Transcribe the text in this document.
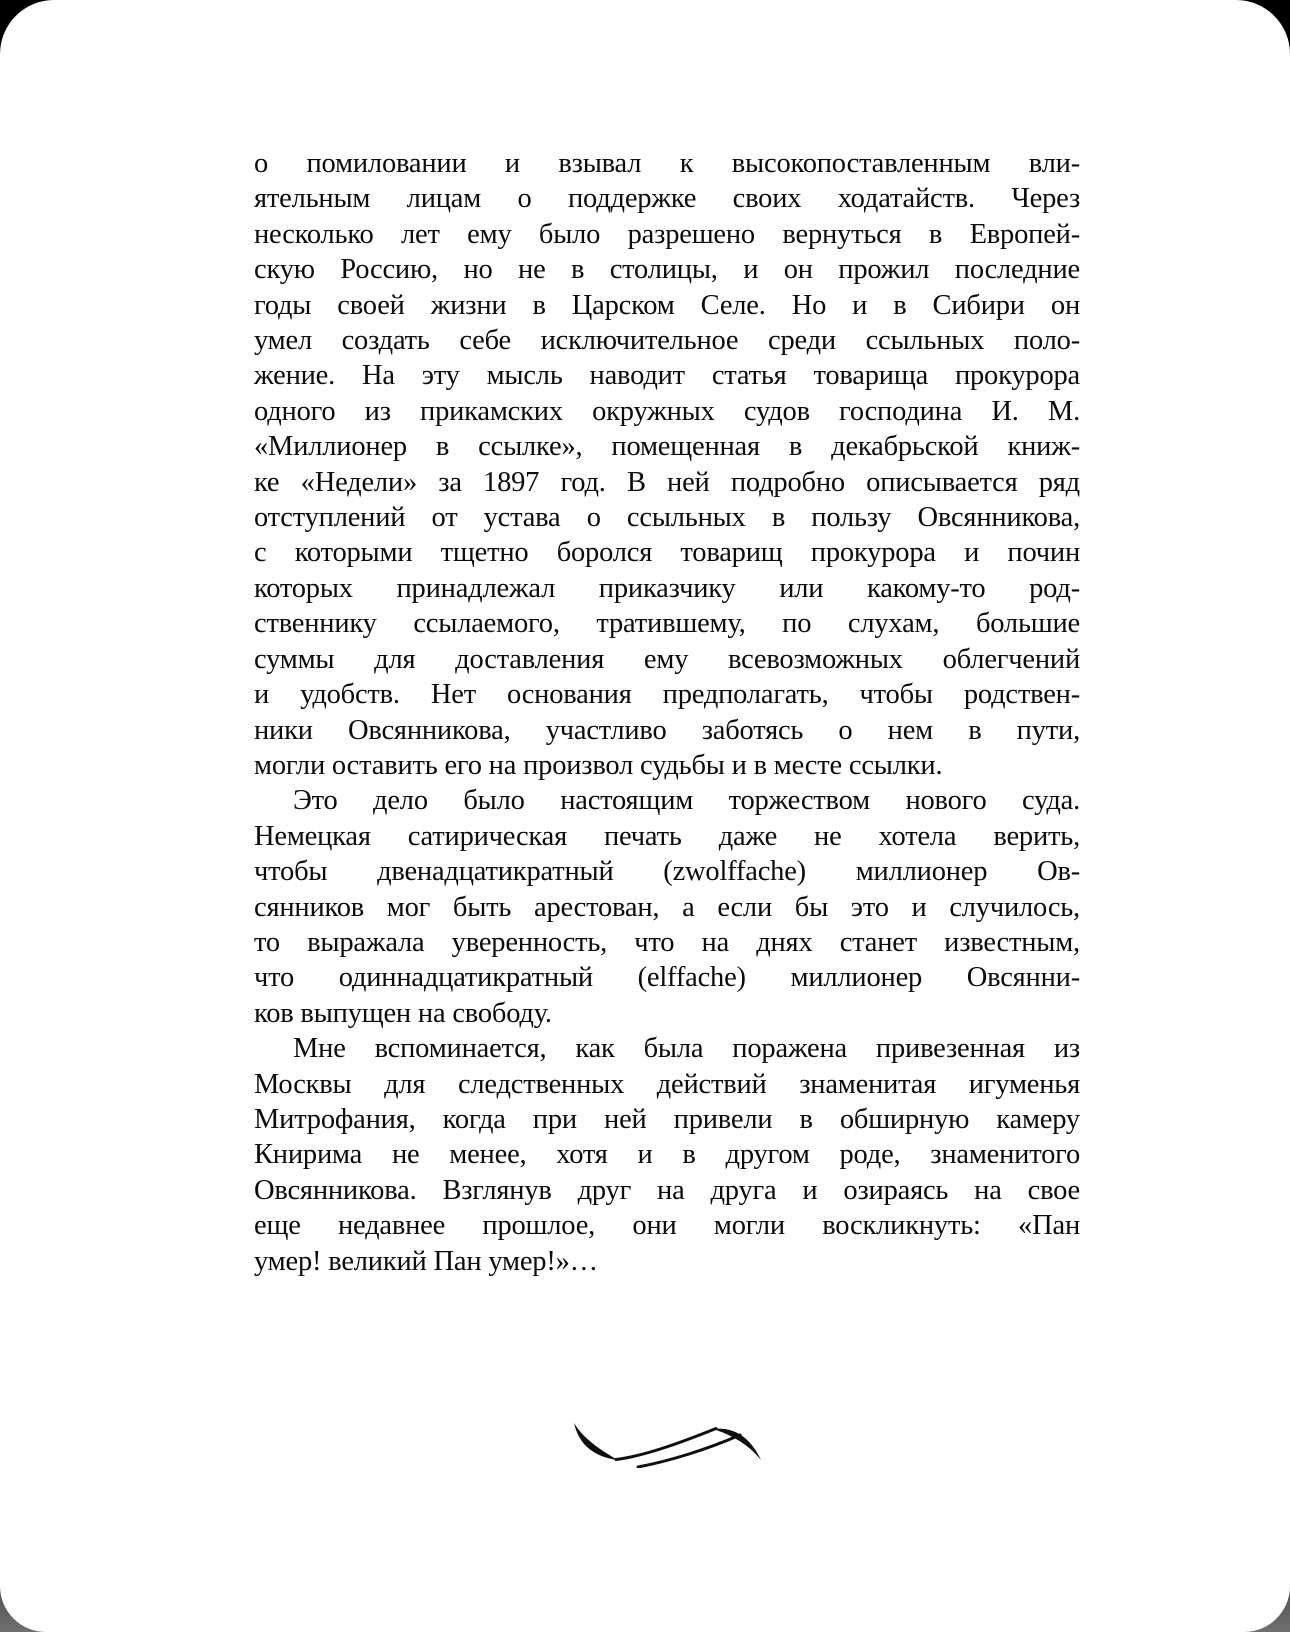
о помиловании и взывал к высокопоставленным вли-
ятельным лицам о поддержке своих ходатайств. Через
несколько лет ему было разрешено вернуться в Европей-
скую Россию, но не в столицы, и он прожил последние
годы своей жизни в Царском Селе. Но и в Сибири он
умел создать себе исключительное среди ссыльных поло-
жение. На эту мысль наводит статья товарища прокурора
одного из прикамских окружных судов господина И. М.
«Миллионер в ссылке», помещенная в декабрьской книж-
ке «Недели» за 1897 год. В ней подробно описывается ряд
отступлений от устава о ссыльных в пользу Овсянникова,
с которыми тщетно боролся товарищ прокурора и почин
которых принадлежал приказчику или какому-то род-
ственнику ссылаемого, тратившему, по слухам, большие
суммы для доставления ему всевозможных облегчений
и удобств. Нет основания предполагать, чтобы родствен-
ники Овсянникова, участливо заботясь о нем в пути,
могли оставить его на произвол судьбы и в месте ссылки.
Это дело было настоящим торжеством нового суда.
Немецкая сатирическая печать даже не хотела верить,
чтобы двенадцатикратный (zwolffache) миллионер Ов-
сянников мог быть арестован, а если бы это и случилось,
то выражала уверенность, что на днях станет известным,
что одиннадцатикратный (elffache) миллионер Овсянни-
ков выпущен на свободу.
Мне вспоминается, как была поражена привезенная из
Москвы для следственных действий знаменитая игуменья
Митрофания, когда при ней привели в обширную камеру
Книрима не менее, хотя и в другом роде, знаменитого
Овсянникова. Взглянув друг на друга и озираясь на свое
еще недавнее прошлое, они могли воскликнуть: «Пан
умер! великий Пан умер!»…
